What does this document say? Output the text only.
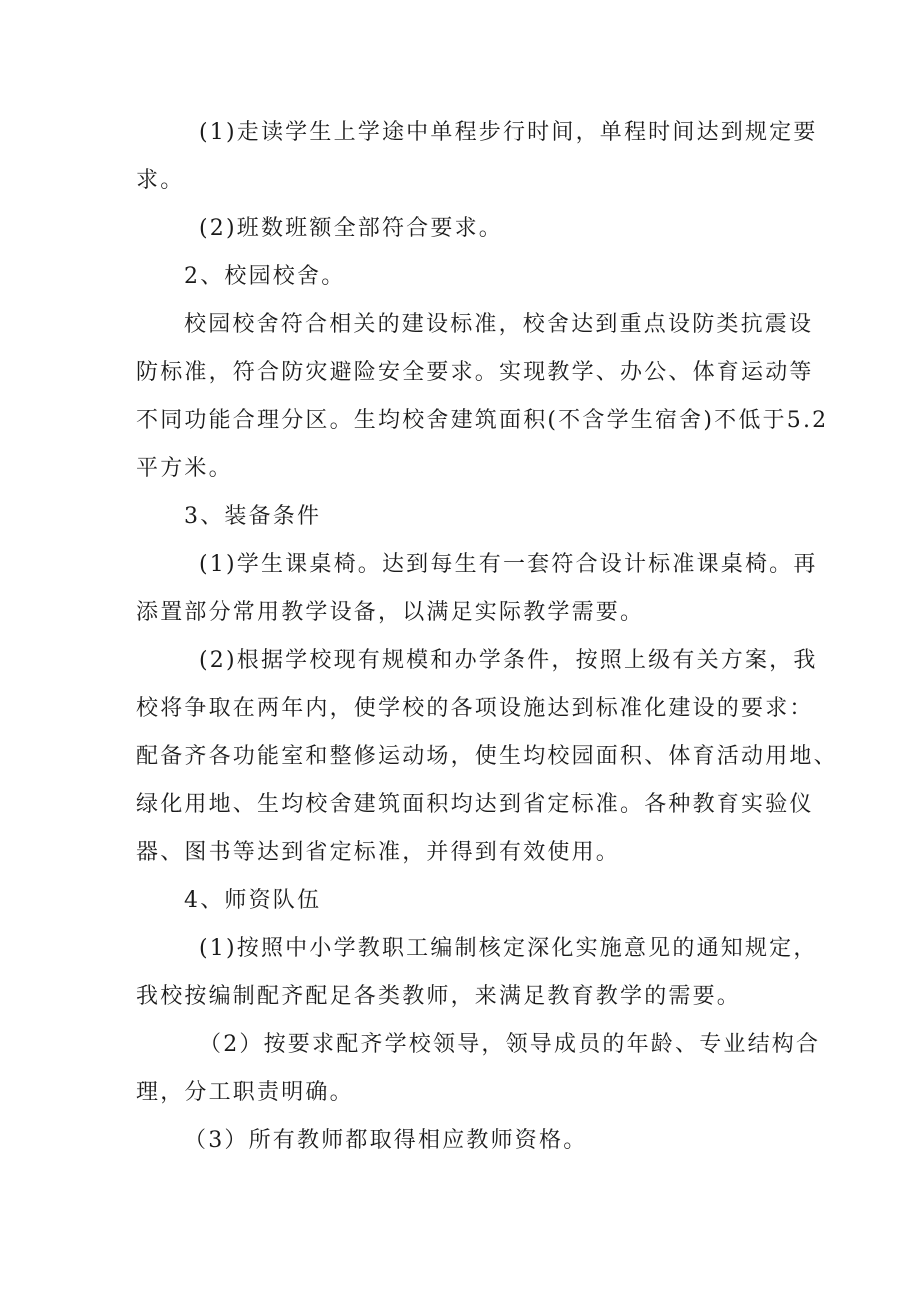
(1)走读学生上学途中单程步行时间，单程时间达到规定要
求。
(2)班数班额全部符合要求。
2、校园校舍。
校园校舍符合相关的建设标准，校舍达到重点设防类抗震设
防标准，符合防灾避险安全要求。实现教学、办公、体育运动等
不同功能合理分区。生均校舍建筑面积(不含学生宿舍)不低于5.2
平方米。
3、装备条件
(1)学生课桌椅。达到每生有一套符合设计标准课桌椅。再
添置部分常用教学设备，以满足实际教学需要。
(2)根据学校现有规模和办学条件，按照上级有关方案，我
校将争取在两年内，使学校的各项设施达到标准化建设的要求：
配备齐各功能室和整修运动场，使生均校园面积、体育活动用地、
绿化用地、生均校舍建筑面积均达到省定标准。各种教育实验仪
器、图书等达到省定标准，并得到有效使用。
4、师资队伍
(1)按照中小学教职工编制核定深化实施意见的通知规定，
我校按编制配齐配足各类教师，来满足教育教学的需要。
（2）按要求配齐学校领导，领导成员的年龄、专业结构合
理，分工职责明确。
（3）所有教师都取得相应教师资格。
